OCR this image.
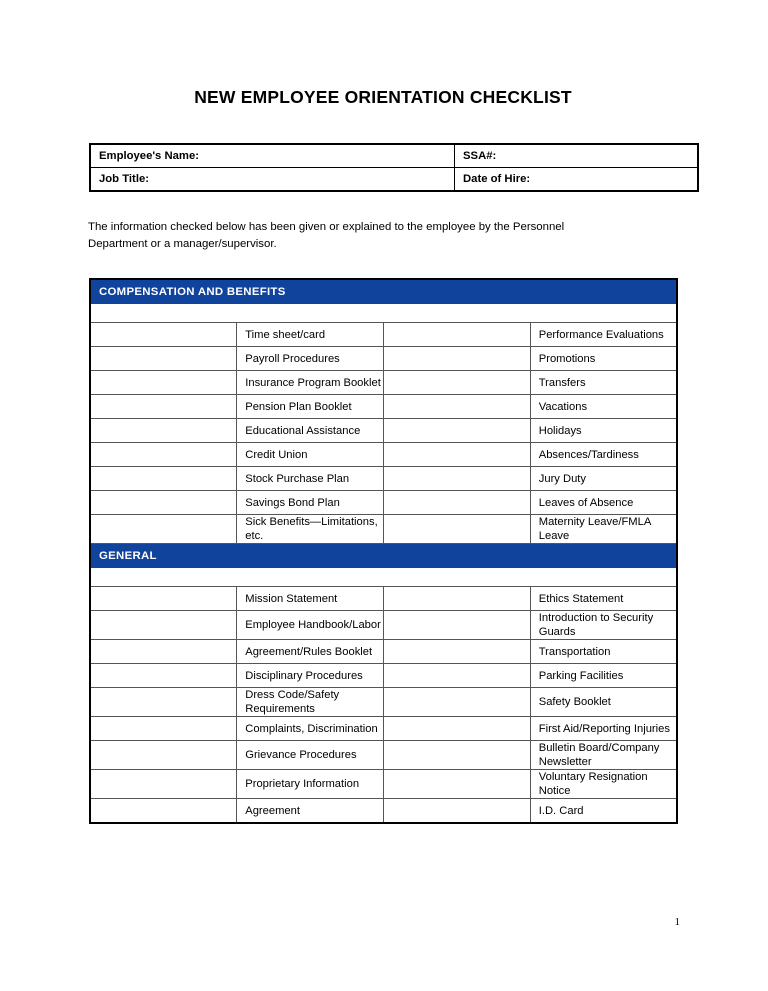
NEW EMPLOYEE ORIENTATION CHECKLIST
Employee's Name:	SSA#:
Job Title:	Date of Hire:
The information checked below has been given or explained to the employee by the Personnel
Department or a manager/supervisor.
COMPENSATION AND BENEFITS			

	Time sheet/card		Performance Evaluations
	Payroll Procedures		Promotions
	Insurance Program Booklet		Transfers
	Pension Plan Booklet		Vacations
	Educational Assistance		Holidays
	Credit Union		Absences/Tardiness
	Stock Purchase Plan		Jury Duty
	Savings Bond Plan		Leaves of Absence
	Sick Benefits—Limitations, etc.		Maternity Leave/FMLA Leave
GENERAL			

	Mission Statement		Ethics Statement
	Employee Handbook/Labor		Introduction to Security Guards
	Agreement/Rules Booklet		Transportation
	Disciplinary Procedures		Parking Facilities
	Dress Code/Safety Requirements		Safety Booklet
	Complaints, Discrimination		First Aid/Reporting Injuries
	Grievance Procedures		Bulletin Board/Company Newsletter
	Proprietary Information		Voluntary Resignation Notice
	Agreement		I.D. Card
1
